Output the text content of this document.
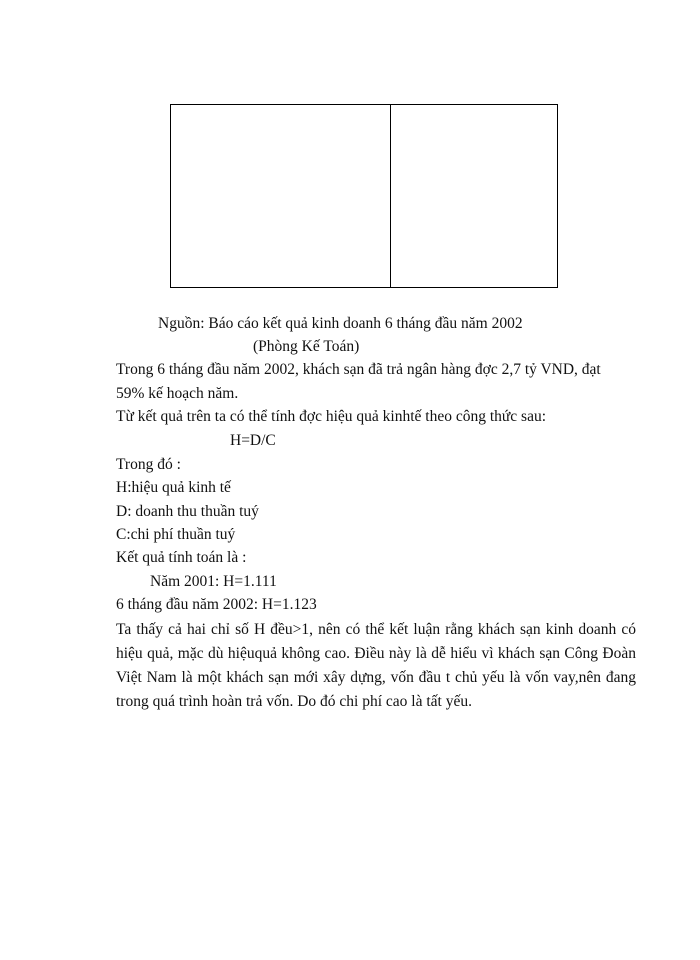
Nguồn: Báo cáo kết quả kinh doanh 6 tháng đầu năm 2002
(Phòng Kế Toán)
Trong 6 tháng đầu năm 2002, khách sạn đã trả ngân hàng đợc 2,7 tỷ VND, đạt
59% kế hoạch năm.
Từ kết quả trên ta có thể tính đợc hiệu quả kinhtế theo công thức sau:
H=D/C
Trong đó :
H:hiệu quả kinh tế
D: doanh thu thuần tuý
C:chi phí thuần tuý
Kết quả tính toán là :
Năm 2001: H=1.111
6 tháng đầu năm 2002: H=1.123
Ta thấy cả hai chỉ số H đều>1, nên có thể kết luận rằng khách sạn kinh doanh có hiệu quả, mặc dù hiệuquả không cao. Điều này là dễ hiểu vì khách sạn Công Đoàn Việt Nam là một khách sạn mới xây dựng, vốn đầu t chủ yếu là vốn vay,nên đang trong quá trình hoàn trả vốn. Do đó chi phí cao là tất yếu.
